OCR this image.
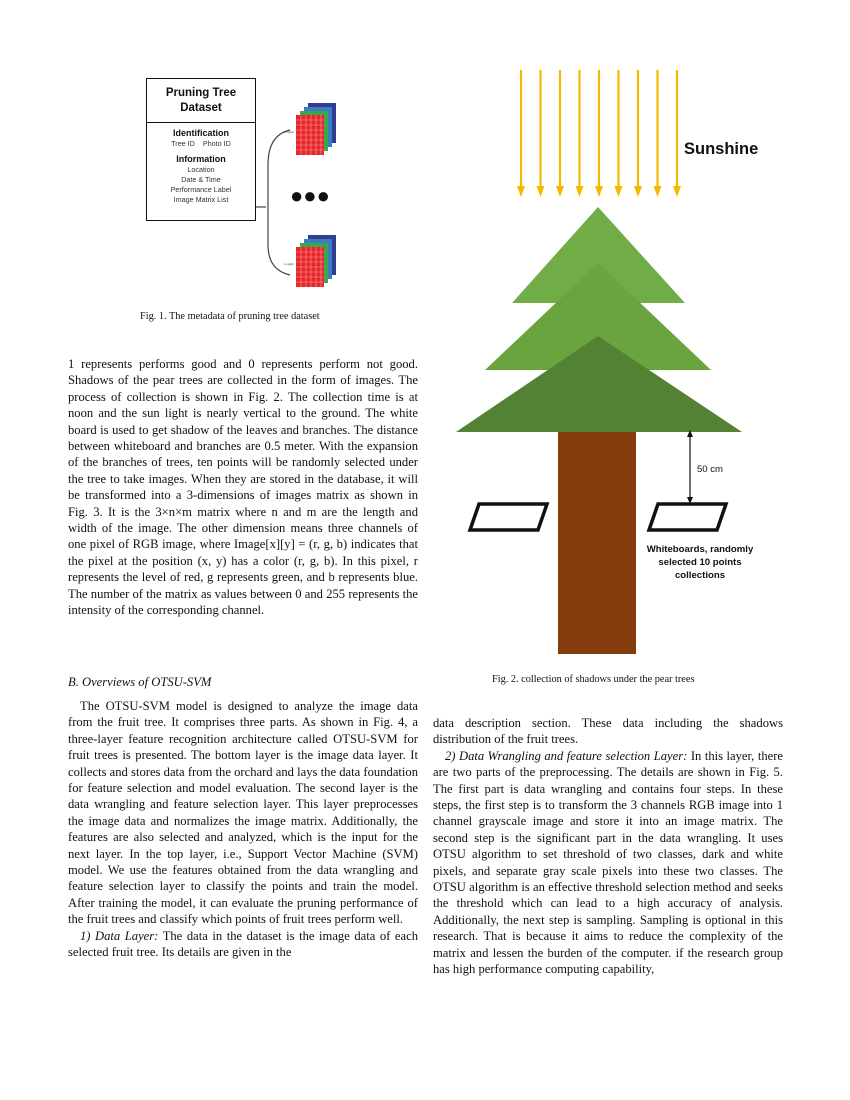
Pruning Tree
Dataset
Identification
Tree ID    Photo ID
Information
Location
Date & Time
Performance Label
Image Matrix List
Length
●●●
Length
Fig. 1. The metadata of pruning tree dataset
Sunshine
50 cm
Whiteboards, randomly
selected 10 points
collections
Fig. 2. collection of shadows under the pear trees

1 represents performs good and 0 represents perform not good. Shadows of the pear trees are collected in the form of images. The process of collection is shown in Fig. 2. The collection time is at noon and the sun light is nearly vertical to the ground. The white board is used to get shadow of the leaves and branches. The distance between whiteboard and branches are 0.5 meter. With the expansion of the branches of trees, ten points will be randomly selected under the tree to take images. When they are stored in the database, it will be transformed into a 3-dimensions of images matrix as shown in Fig. 3. It is the 3×n×m matrix where n and m are the length and width of the image. The other dimension means three channels of one pixel of RGB image, where Image[x][y] = (r, g, b) indicates that the pixel at the position (x, y) has a color (r, g, b). In this pixel, r represents the level of red, g represents green, and b represents blue. The number of the matrix as values between 0 and 255 represents the intensity of the corresponding channel.

B. Overviews of OTSU-SVM

The OTSU-SVM model is designed to analyze the image data from the fruit tree. It comprises three parts. As shown in Fig. 4, a three-layer feature recognition architecture called OTSU-SVM for fruit trees is presented. The bottom layer is the image data layer. It collects and stores data from the orchard and lays the data foundation for feature selection and model evaluation. The second layer is the data wrangling and feature selection layer. This layer preprocesses the image data and normalizes the image matrix. Additionally, the features are also selected and analyzed, which is the input for the next layer. In the top layer, i.e., Support Vector Machine (SVM) model. We use the features obtained from the data wrangling and feature selection layer to classify the points and train the model. After training the model, it can evaluate the pruning performance of the fruit trees and classify which points of fruit trees perform well.

1) Data Layer: The data in the dataset is the image data of each selected fruit tree. Its details are given in the

data description section. These data including the shadows distribution of the fruit trees.

2) Data Wrangling and feature selection Layer: In this layer, there are two parts of the preprocessing. The details are shown in Fig. 5. The first part is data wrangling and contains four steps. In these steps, the first step is to transform the 3 channels RGB image into 1 channel grayscale image and store it into an image matrix. The second step is the significant part in the data wrangling. It uses OTSU algorithm to set threshold of two classes, dark and white pixels, and separate gray scale pixels into these two classes. The OTSU algorithm is an effective threshold selection method and seeks the threshold which can lead to a high accuracy of analysis. Additionally, the next step is sampling. Sampling is optional in this research. That is because it aims to reduce the complexity of the matrix and lessen the burden of the computer. if the research group has high performance computing capability,
